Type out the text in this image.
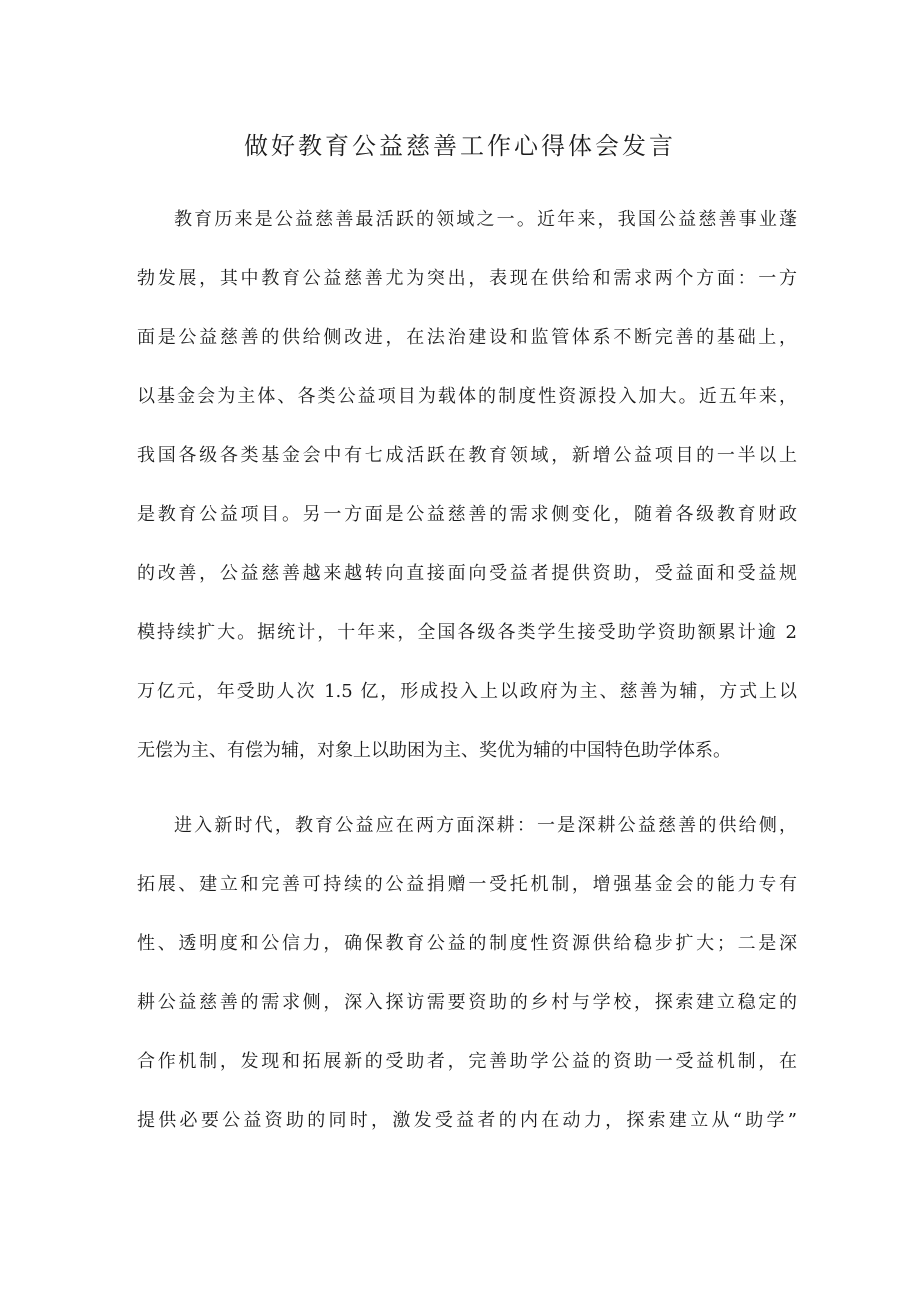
做好教育公益慈善工作心得体会发言

教育历来是公益慈善最活跃的领域之一。近年来，我国公益慈善事业蓬

勃发展，其中教育公益慈善尤为突出，表现在供给和需求两个方面：一方

面是公益慈善的供给侧改进，在法治建设和监管体系不断完善的基础上，

以基金会为主体、各类公益项目为载体的制度性资源投入加大。近五年来，

我国各级各类基金会中有七成活跃在教育领域，新增公益项目的一半以上

是教育公益项目。另一方面是公益慈善的需求侧变化，随着各级教育财政

的改善，公益慈善越来越转向直接面向受益者提供资助，受益面和受益规

模持续扩大。据统计，十年来，全国各级各类学生接受助学资助额累计逾 2

万亿元，年受助人次 1.5 亿，形成投入上以政府为主、慈善为辅，方式上以

无偿为主、有偿为辅，对象上以助困为主、奖优为辅的中国特色助学体系。

进入新时代，教育公益应在两方面深耕：一是深耕公益慈善的供给侧，

拓展、建立和完善可持续的公益捐赠一受托机制，增强基金会的能力专有

性、透明度和公信力，确保教育公益的制度性资源供给稳步扩大；二是深

耕公益慈善的需求侧，深入探访需要资助的乡村与学校，探索建立稳定的

合作机制，发现和拓展新的受助者，完善助学公益的资助一受益机制，在

提供必要公益资助的同时，激发受益者的内在动力，探索建立从“助学”
